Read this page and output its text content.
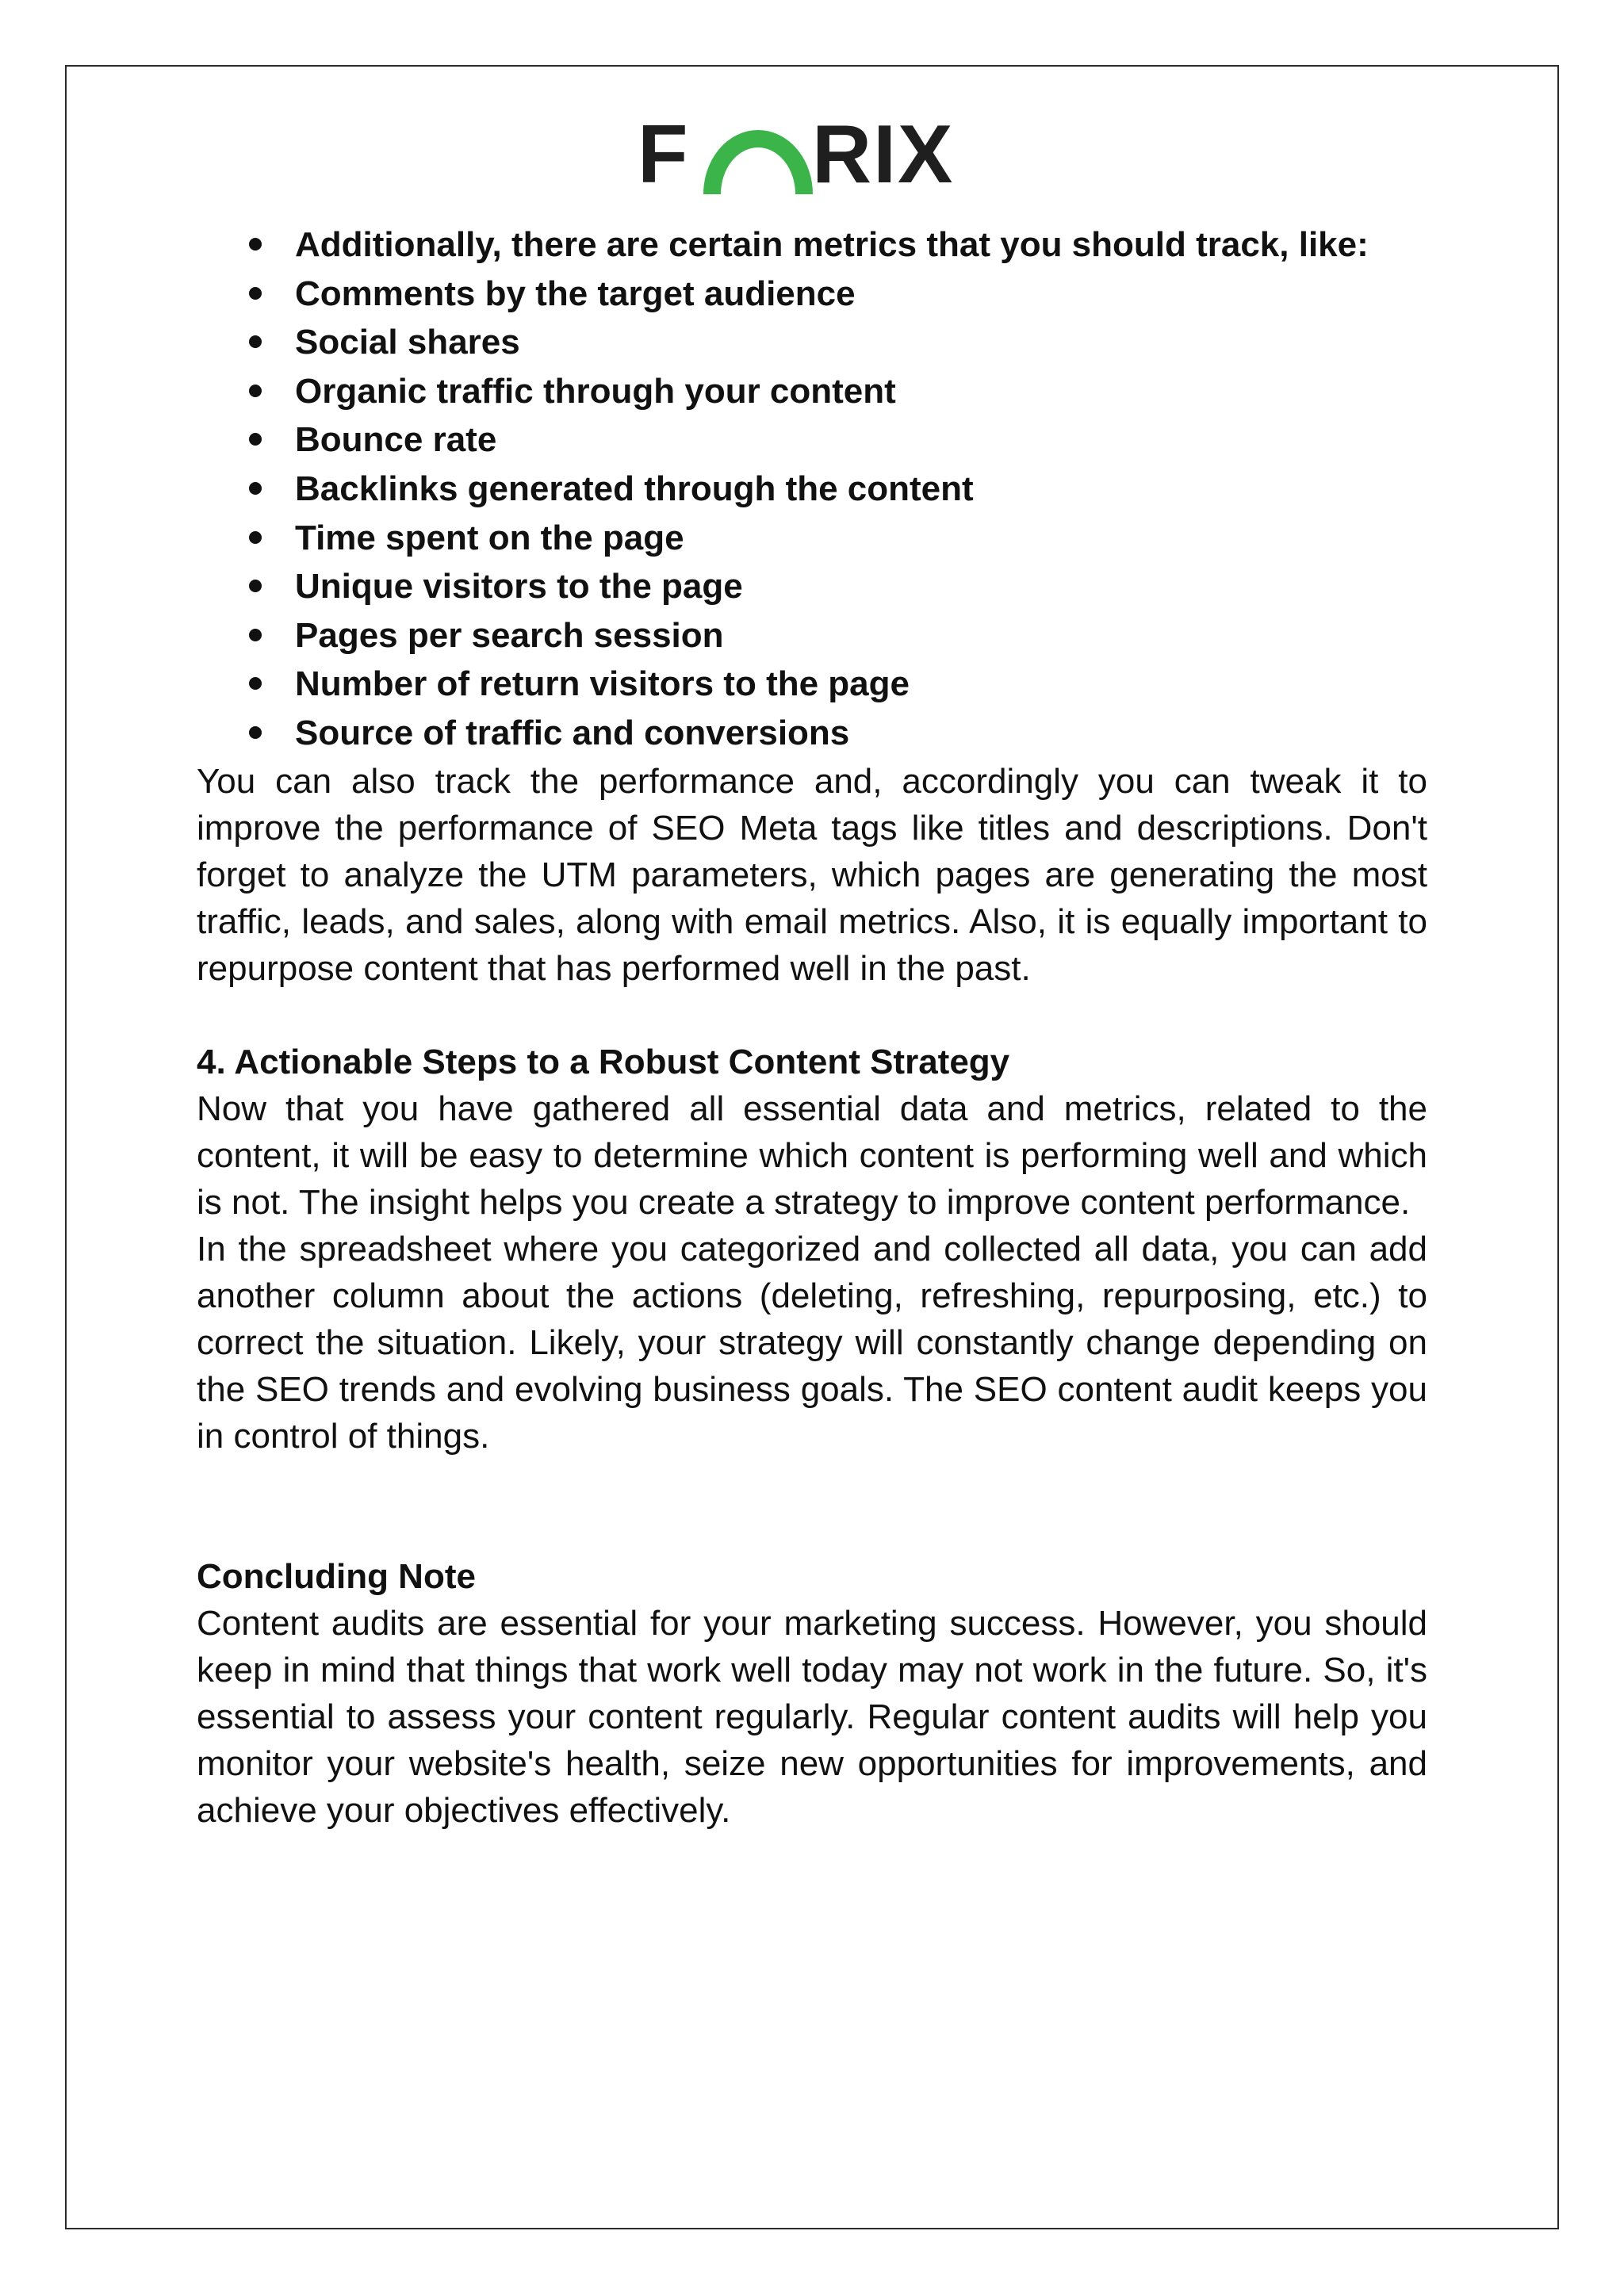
F RIX
Additionally, there are certain metrics that you should track, like:
Comments by the target audience
Social shares
Organic traffic through your content
Bounce rate
Backlinks generated through the content
Time spent on the page
Unique visitors to the page
Pages per search session
Number of return visitors to the page
Source of traffic and conversions

You can also track the performance and, accordingly you can tweak it to improve the performance of SEO Meta tags like titles and descriptions. Don't forget to analyze the UTM parameters, which pages are generating the most traffic, leads, and sales, along with email metrics. Also, it is equally important to repurpose content that has performed well in the past.

4. Actionable Steps to a Robust Content Strategy

Now that you have gathered all essential data and metrics, related to the content, it will be easy to determine which content is performing well and which is not. The insight helps you create a strategy to improve content performance.

In the spreadsheet where you categorized and collected all data, you can add another column about the actions (deleting, refreshing, repurposing, etc.) to correct the situation. Likely, your strategy will constantly change depending on the SEO trends and evolving business goals. The SEO content audit keeps you in control of things.

Concluding Note

Content audits are essential for your marketing success. However, you should keep in mind that things that work well today may not work in the future. So, it's essential to assess your content regularly. Regular content audits will help you monitor your website's health, seize new opportunities for improvements, and achieve your objectives effectively.
